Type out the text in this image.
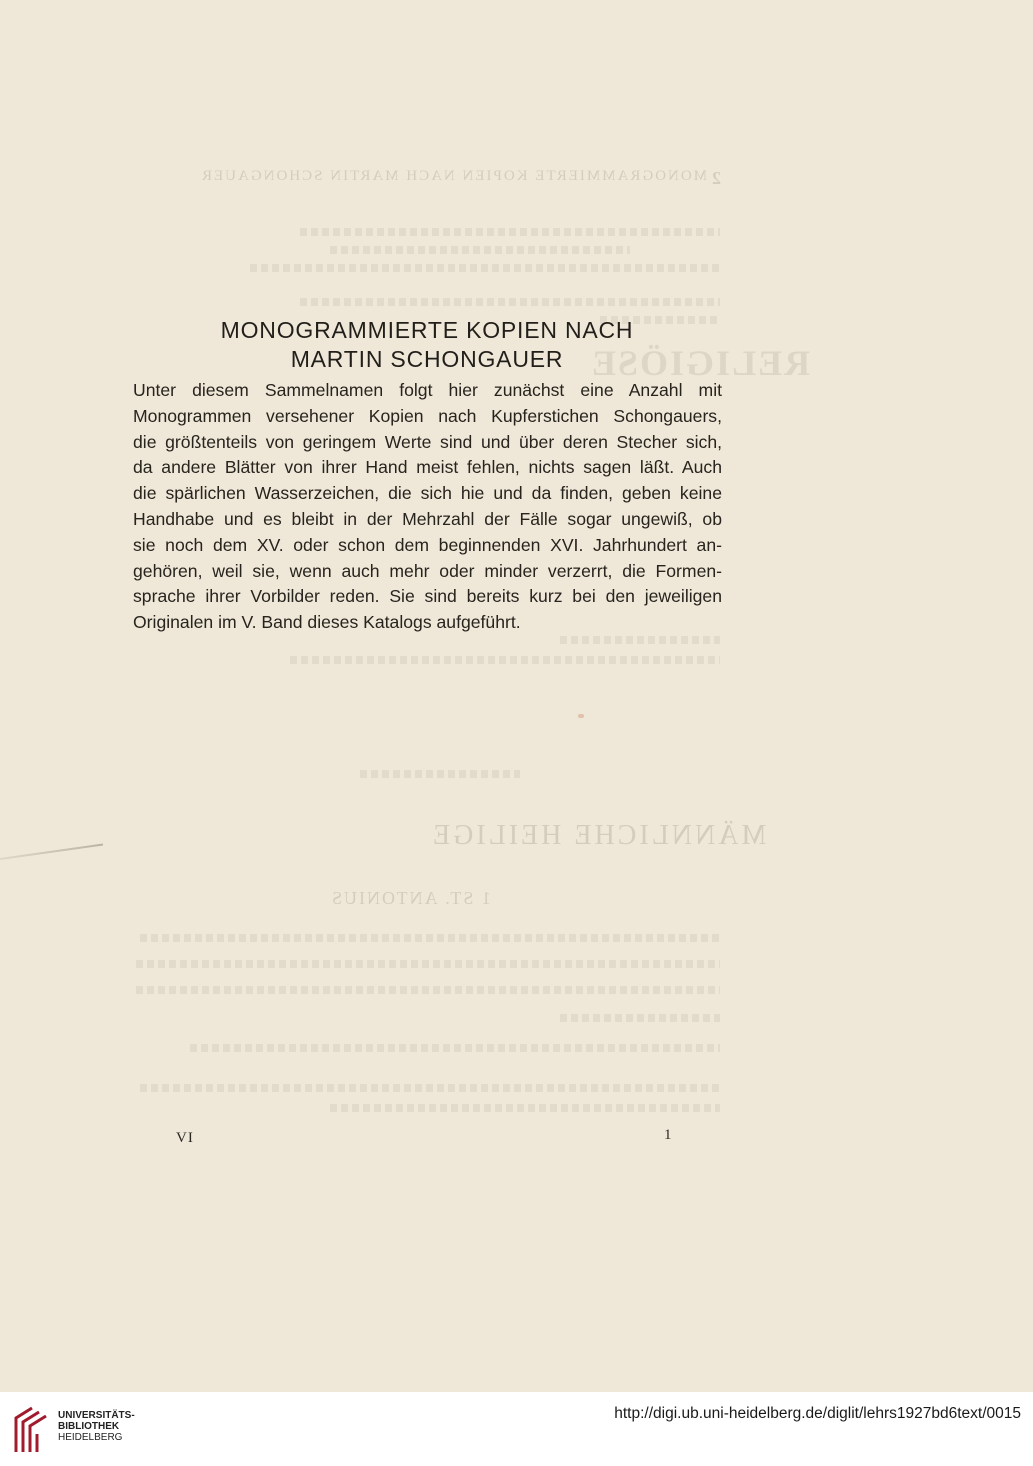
MONOGRAMMIERTE KOPIEN NACH MARTIN SCHONGAUER 2
RELIGIÖSE
MÄNNLICHE HEILIGE
1 ST. ANTONIUS
MONOGRAMMIERTE KOPIEN NACH
MARTIN SCHONGAUER
Unter diesem Sammelnamen folgt hier zunächst eine Anzahl mit
Monogrammen versehener Kopien nach Kupferstichen Schongauers,
die größtenteils von geringem Werte sind und über deren Stecher sich,
da andere Blätter von ihrer Hand meist fehlen, nichts sagen läßt. Auch
die spärlichen Wasserzeichen, die sich hie und da finden, geben keine
Handhabe und es bleibt in der Mehrzahl der Fälle sogar ungewiß, ob
sie noch dem XV. oder schon dem beginnenden XVI. Jahrhundert an-
gehören, weil sie, wenn auch mehr oder minder verzerrt, die Formen-
sprache ihrer Vorbilder reden. Sie sind bereits kurz bei den jeweiligen
Originalen im V. Band dieses Katalogs aufgeführt.
VI	1
UNIVERSITÄTS-
BIBLIOTHEK
HEIDELBERG
http://digi.ub.uni-heidelberg.de/diglit/lehrs1927bd6text/0015
